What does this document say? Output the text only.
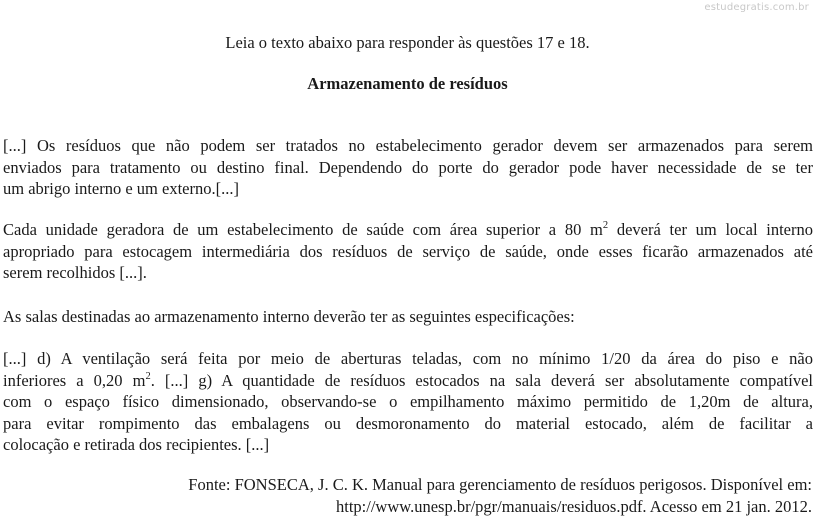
estudegratis.com.br
Leia o texto abaixo para responder às questões 17 e 18.
Armazenamento de resíduos
[...] Os resíduos que não podem ser tratados no estabelecimento gerador devem ser armazenados para serem
enviados para tratamento ou destino final. Dependendo do porte do gerador pode haver necessidade de se ter
um abrigo interno e um externo.[...]
Cada unidade geradora de um estabelecimento de saúde com área superior a 80 $m^2$ deverá ter um local interno
apropriado para estocagem intermediária dos resíduos de serviço de saúde, onde esses ficarão armazenados até
serem recolhidos [...].
As salas destinadas ao armazenamento interno deverão ter as seguintes especificações:
[...] d) A ventilação será feita por meio de aberturas teladas, com no mínimo 1/20 da área do piso e não
inferiores a 0,20 $m^2$. [...] g) A quantidade de resíduos estocados na sala deverá ser absolutamente compatível
com o espaço físico dimensionado, observando-se o empilhamento máximo permitido de 1,20m de altura,
para evitar rompimento das embalagens ou desmoronamento do material estocado, além de facilitar a
colocação e retirada dos recipientes. [...]
Fonte: FONSECA, J. C. K. Manual para gerenciamento de resíduos perigosos. Disponível em:
http://www.unesp.br/pgr/manuais/residuos.pdf. Acesso em 21 jan. 2012.
